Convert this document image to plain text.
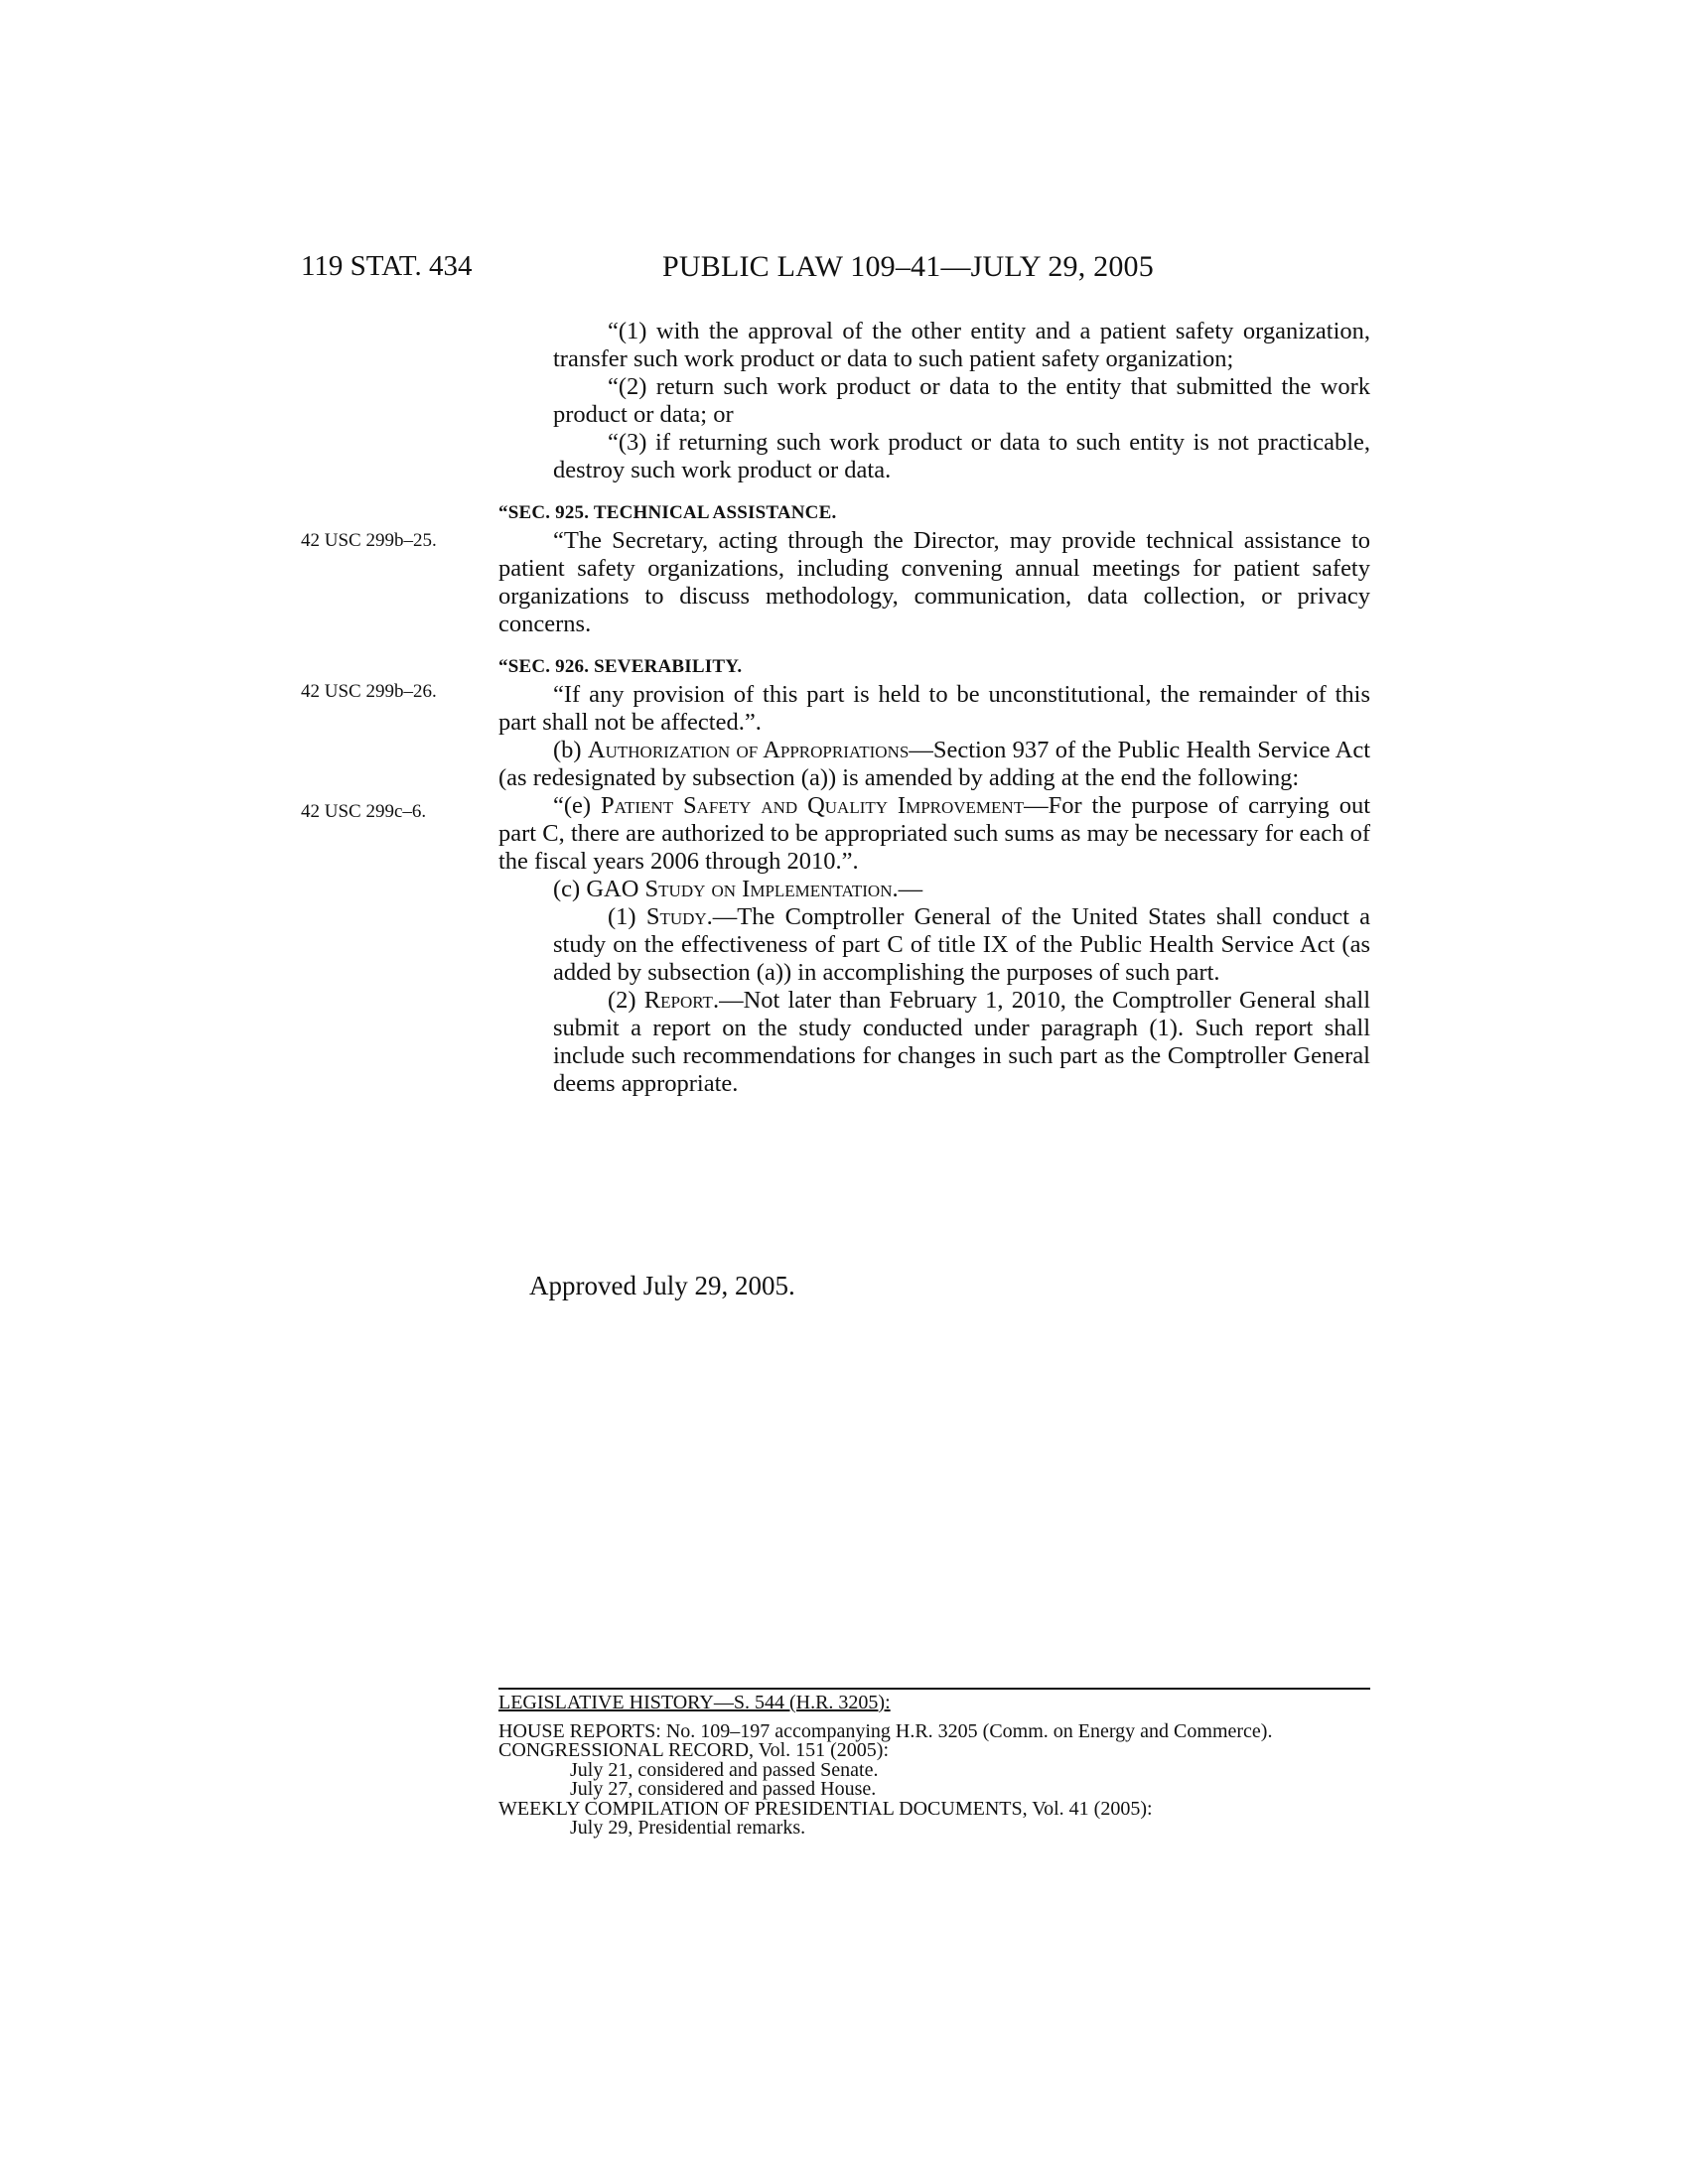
119 STAT. 434	PUBLIC LAW 109–41—JULY 29, 2005
42 USC 299b–25.
42 USC 299b–26.
42 USC 299c–6.

“(1) with the approval of the other entity and a patient safety organization, transfer such work product or data to such patient safety organization;

“(2) return such work product or data to the entity that submitted the work product or data; or

“(3) if returning such work product or data to such entity is not practicable, destroy such work product or data.

“SEC. 925. TECHNICAL ASSISTANCE.

“The Secretary, acting through the Director, may provide technical assistance to patient safety organizations, including convening annual meetings for patient safety organizations to discuss methodology, communication, data collection, or privacy concerns.

“SEC. 926. SEVERABILITY.

“If any provision of this part is held to be unconstitutional, the remainder of this part shall not be affected.”.

(b) Authorization of Appropriations—Section 937 of the Public Health Service Act (as redesignated by subsection (a)) is amended by adding at the end the following:

“(e) Patient Safety and Quality Improvement—For the purpose of carrying out part C, there are authorized to be appropriated such sums as may be necessary for each of the fiscal years 2006 through 2010.”.

(c) GAO Study on Implementation.—

(1) Study.—The Comptroller General of the United States shall conduct a study on the effectiveness of part C of title IX of the Public Health Service Act (as added by subsection (a)) in accomplishing the purposes of such part.

(2) Report.—Not later than February 1, 2010, the Comptroller General shall submit a report on the study conducted under paragraph (1). Such report shall include such recommendations for changes in such part as the Comptroller General deems appropriate.

Approved July 29, 2005.

LEGISLATIVE HISTORY—S. 544 (H.R. 3205):

HOUSE REPORTS: No. 109–197 accompanying H.R. 3205 (Comm. on Energy and Commerce).

CONGRESSIONAL RECORD, Vol. 151 (2005):

July 21, considered and passed Senate.

July 27, considered and passed House.

WEEKLY COMPILATION OF PRESIDENTIAL DOCUMENTS, Vol. 41 (2005):

July 29, Presidential remarks.
